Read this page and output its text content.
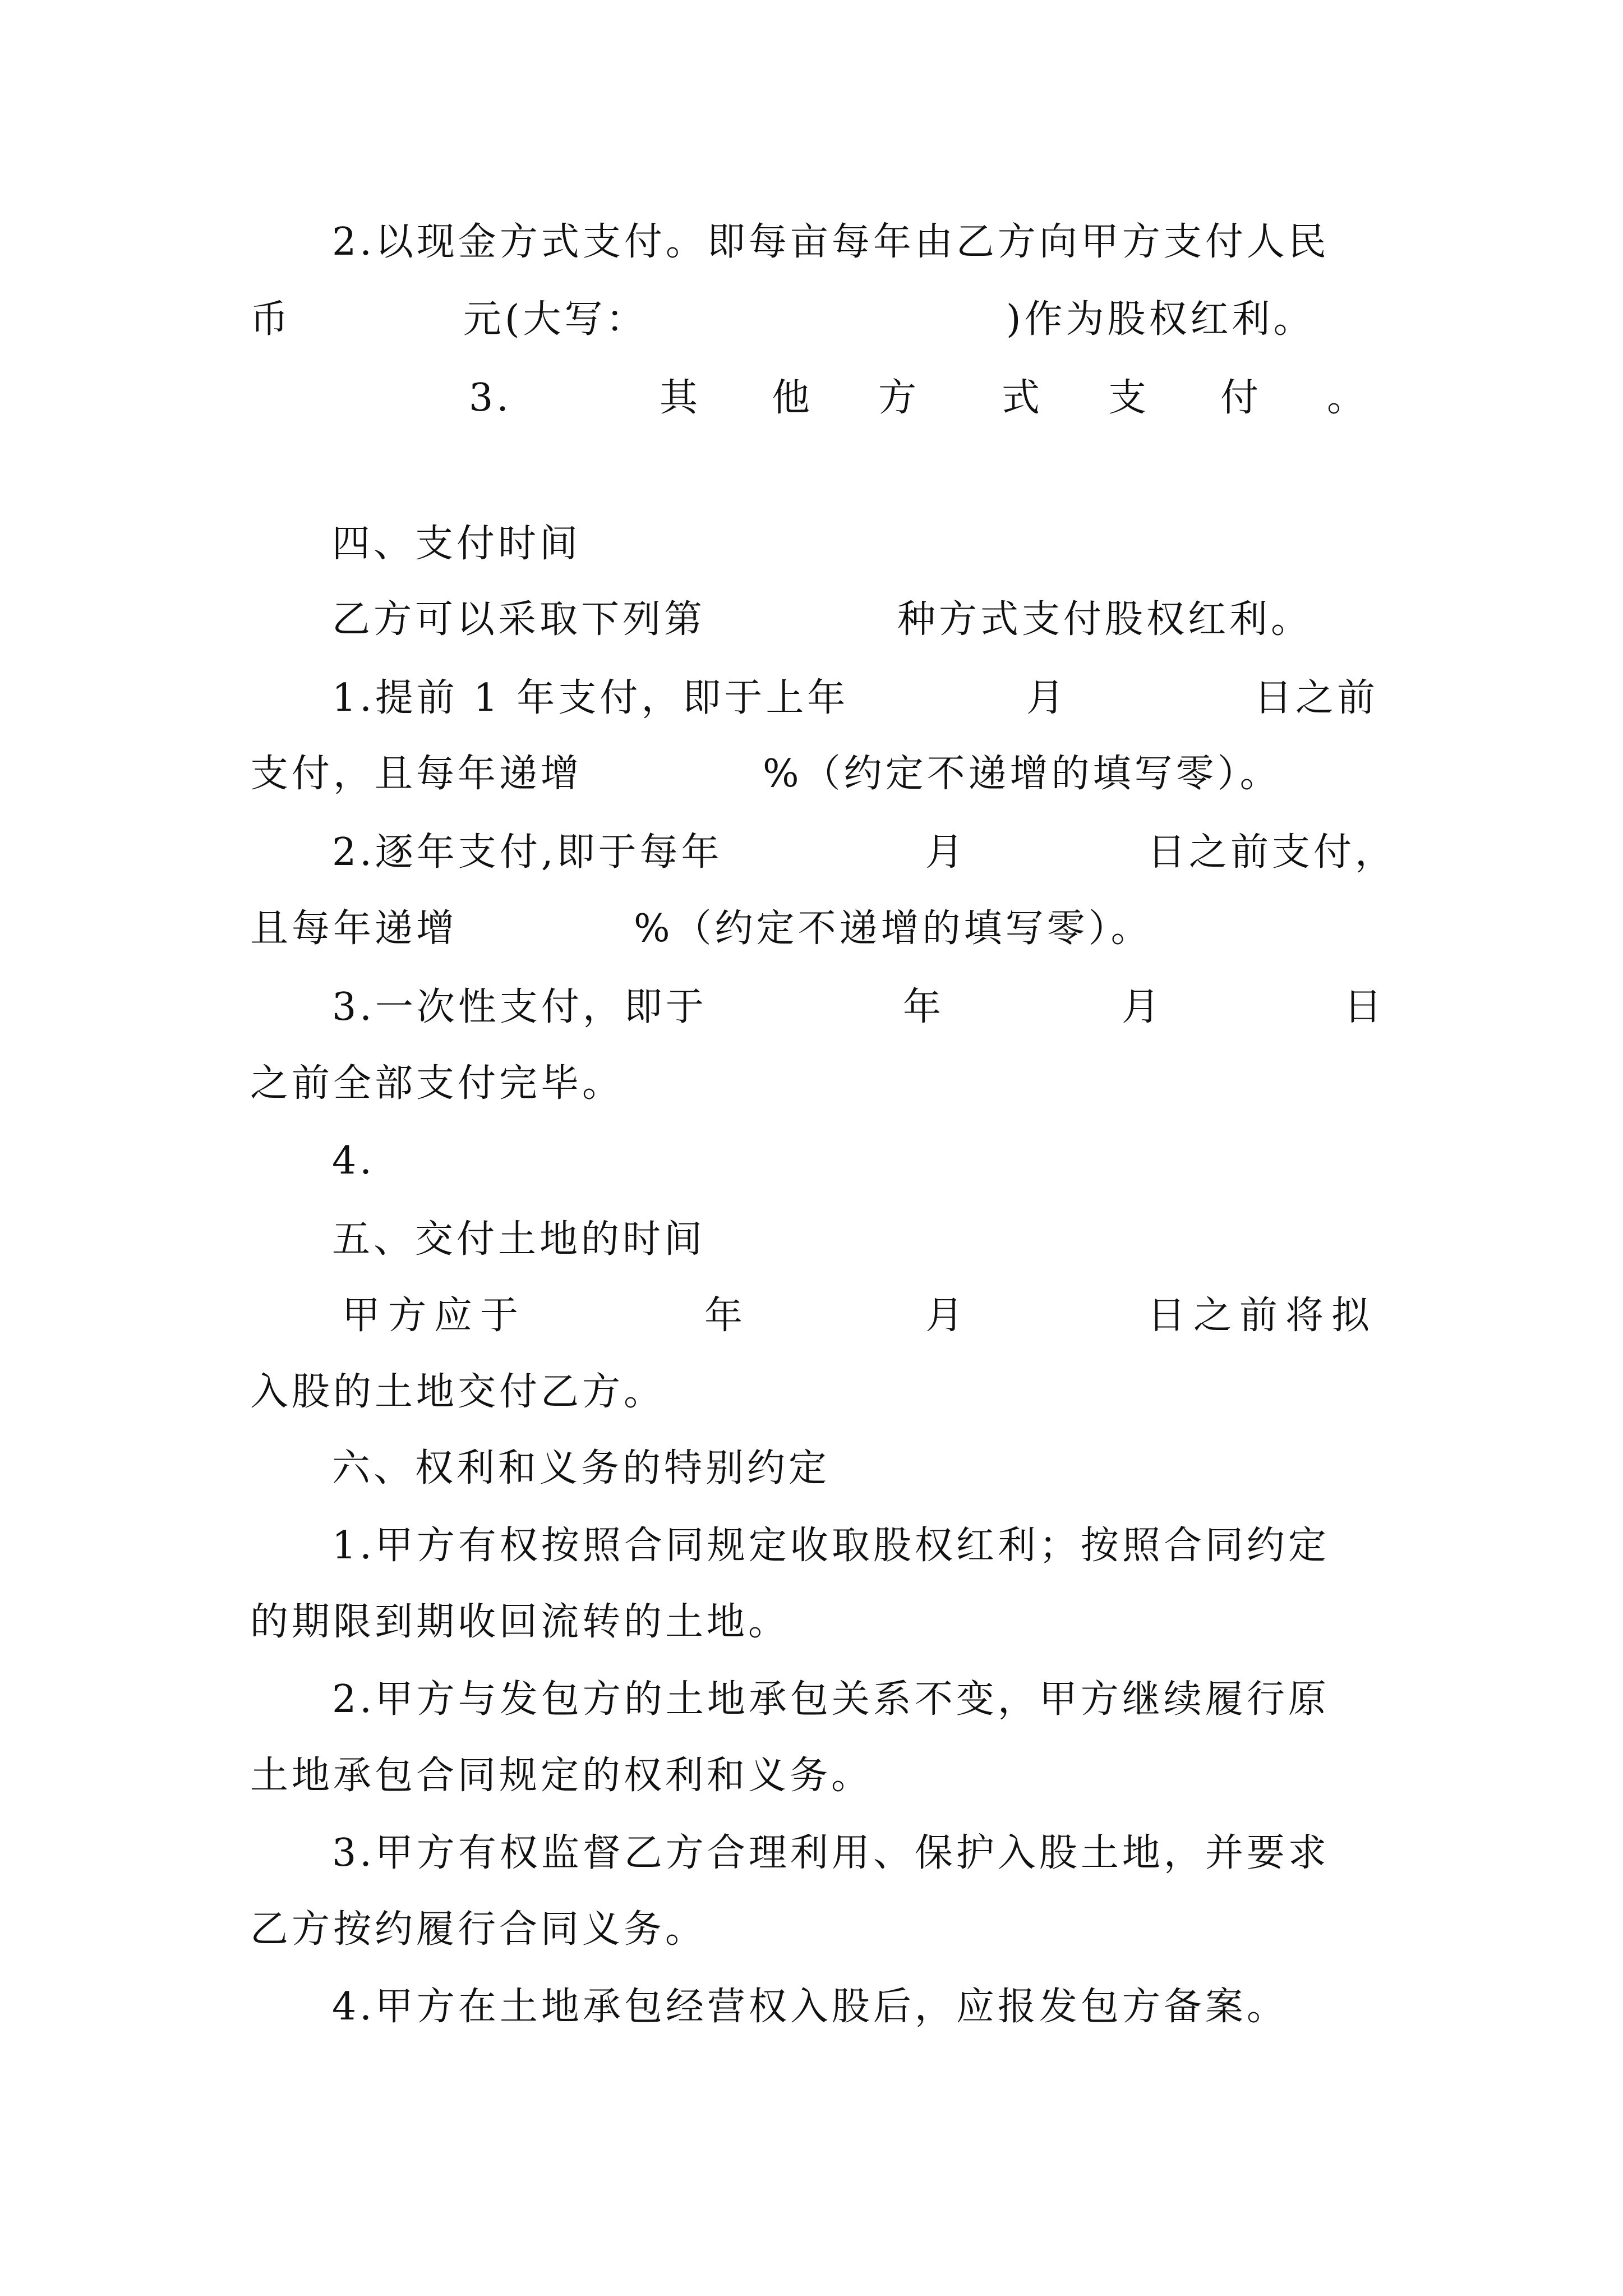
2.以现金方式支付。即每亩每年由乙方向甲方支付人民
币	元(大写：	)作为股权红利。
3.	其 他 方 式 支 付 。
四、支付时间
乙方可以采取下列第	种方式支付股权红利。
1.提前 1 年支付，即于上年	月	日之前
支付，且每年递增	%（约定不递增的填写零）。
2.逐年支付,即于每年	月	日之前支付，
且每年递增	%（约定不递增的填写零）。
3.一次性支付，即于	年	月	日
之前全部支付完毕。
4.
五、交付土地的时间
甲方应于	年	月	日之前将拟
入股的土地交付乙方。
六、权利和义务的特别约定
1.甲方有权按照合同规定收取股权红利；按照合同约定
的期限到期收回流转的土地。
2.甲方与发包方的土地承包关系不变，甲方继续履行原
土地承包合同规定的权利和义务。
3.甲方有权监督乙方合理利用、保护入股土地，并要求
乙方按约履行合同义务。
4.甲方在土地承包经营权入股后，应报发包方备案。
